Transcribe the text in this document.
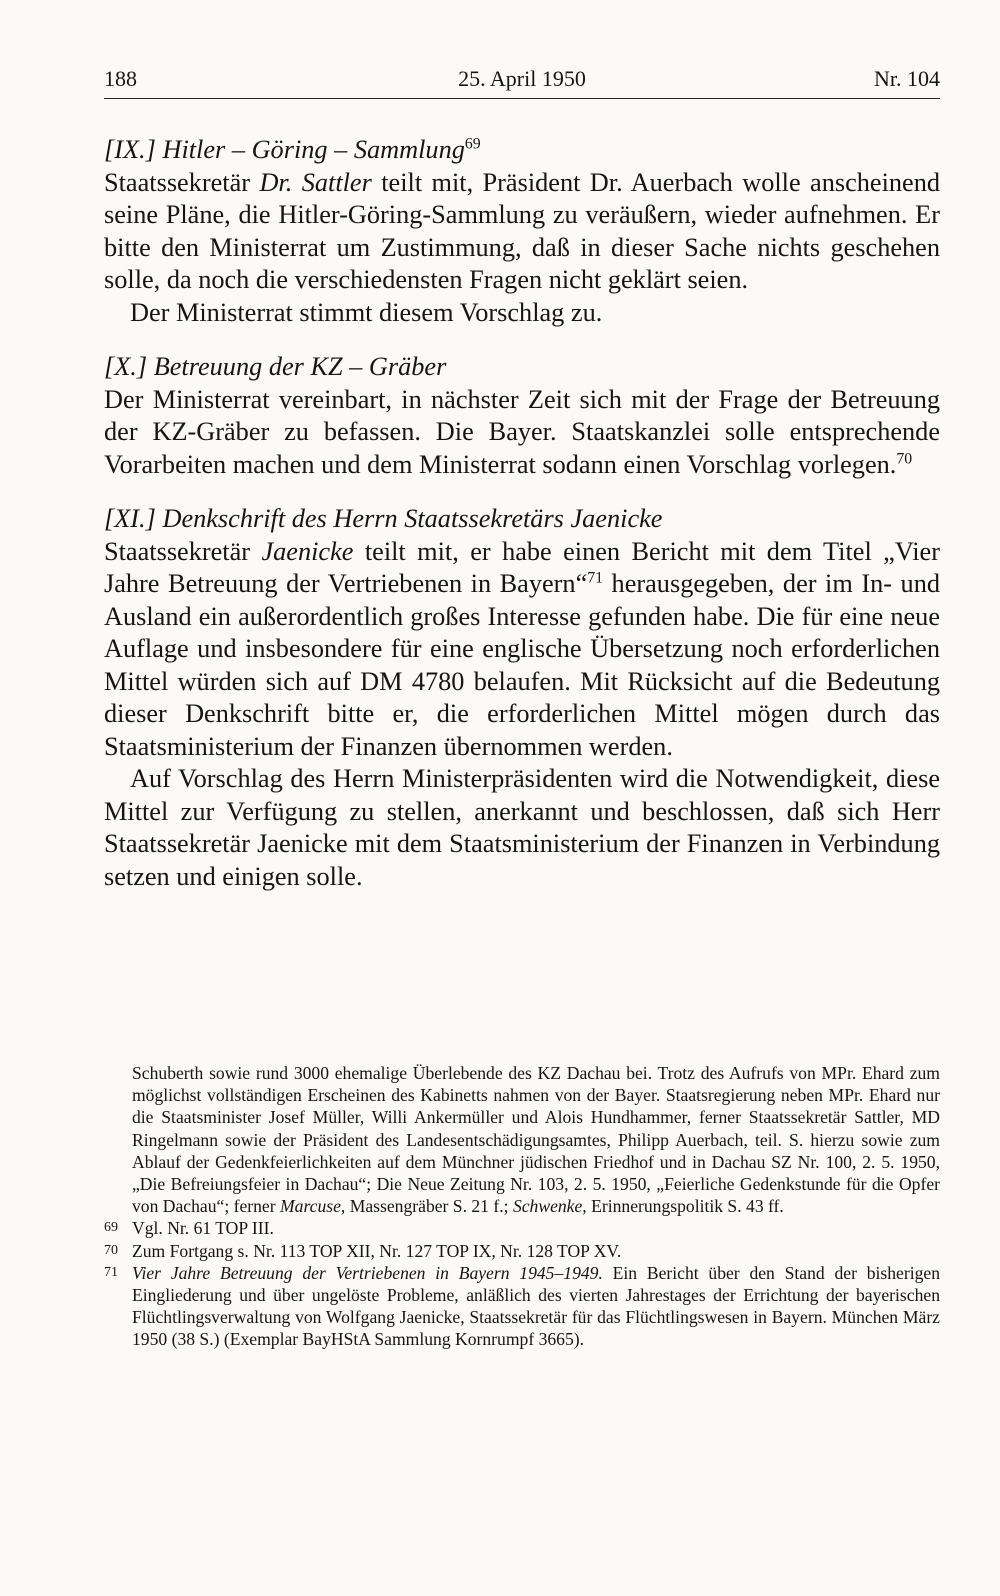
188	25. April 1950	Nr. 104

[IX.] Hitler – Göring – Sammlung$^{69}$

Staatssekretär Dr. Sattler teilt mit, Präsident Dr. Auerbach wolle anscheinend seine Pläne, die Hitler-Göring-Sammlung zu veräußern, wieder aufnehmen. Er bitte den Ministerrat um Zustimmung, daß in dieser Sache nichts geschehen solle, da noch die verschiedensten Fragen nicht geklärt seien.

Der Ministerrat stimmt diesem Vorschlag zu.

[X.] Betreuung der KZ – Gräber

Der Ministerrat vereinbart, in nächster Zeit sich mit der Frage der Betreuung der KZ-Gräber zu befassen. Die Bayer. Staatskanzlei solle entsprechende Vorarbeiten machen und dem Ministerrat sodann einen Vorschlag vorlegen.$^{70}$

[XI.] Denkschrift des Herrn Staatssekretärs Jaenicke

Staatssekretär Jaenicke teilt mit, er habe einen Bericht mit dem Titel „Vier Jahre Betreuung der Vertriebenen in Bayern“$^{71}$ herausgegeben, der im In- und Ausland ein außerordentlich großes Interesse gefunden habe. Die für eine neue Auflage und insbesondere für eine englische Übersetzung noch erforderlichen Mittel würden sich auf DM 4780 belaufen. Mit Rücksicht auf die Bedeutung dieser Denkschrift bitte er, die erforderlichen Mittel mögen durch das Staatsministerium der Finanzen übernommen werden.

Auf Vorschlag des Herrn Ministerpräsidenten wird die Notwendigkeit, diese Mittel zur Verfügung zu stellen, anerkannt und beschlossen, daß sich Herr Staatssekretär Jaenicke mit dem Staatsministerium der Finanzen in Verbindung setzen und einigen solle.

Schuberth sowie rund 3000 ehemalige Überlebende des KZ Dachau bei. Trotz des Aufrufs von MPr. Ehard zum möglichst vollständigen Erscheinen des Kabinetts nahmen von der Bayer. Staatsregierung neben MPr. Ehard nur die Staatsminister Josef Müller, Willi Ankermüller und Alois Hundhammer, ferner Staatssekretär Sattler, MD Ringelmann sowie der Präsident des Landesentschädigungsamtes, Philipp Auerbach, teil. S. hierzu sowie zum Ablauf der Gedenkfeierlichkeiten auf dem Münchner jüdischen Friedhof und in Dachau SZ Nr. 100, 2. 5. 1950, „Die Befreiungsfeier in Dachau“; Die Neue Zeitung Nr. 103, 2. 5. 1950, „Feierliche Gedenkstunde für die Opfer von Dachau“; ferner Marcuse, Massengräber S. 21 f.; Schwenke, Erinnerungspolitik S. 43 ff.

69 Vgl. Nr. 61 TOP III.

70 Zum Fortgang s. Nr. 113 TOP XII, Nr. 127 TOP IX, Nr. 128 TOP XV.

71 Vier Jahre Betreuung der Vertriebenen in Bayern 1945–1949. Ein Bericht über den Stand der bisherigen Eingliederung und über ungelöste Probleme, anläßlich des vierten Jahrestages der Errichtung der bayerischen Flüchtlingsverwaltung von Wolfgang Jaenicke, Staatssekretär für das Flüchtlingswesen in Bayern. München März 1950 (38 S.) (Exemplar BayHStA Sammlung Kornrumpf 3665).
